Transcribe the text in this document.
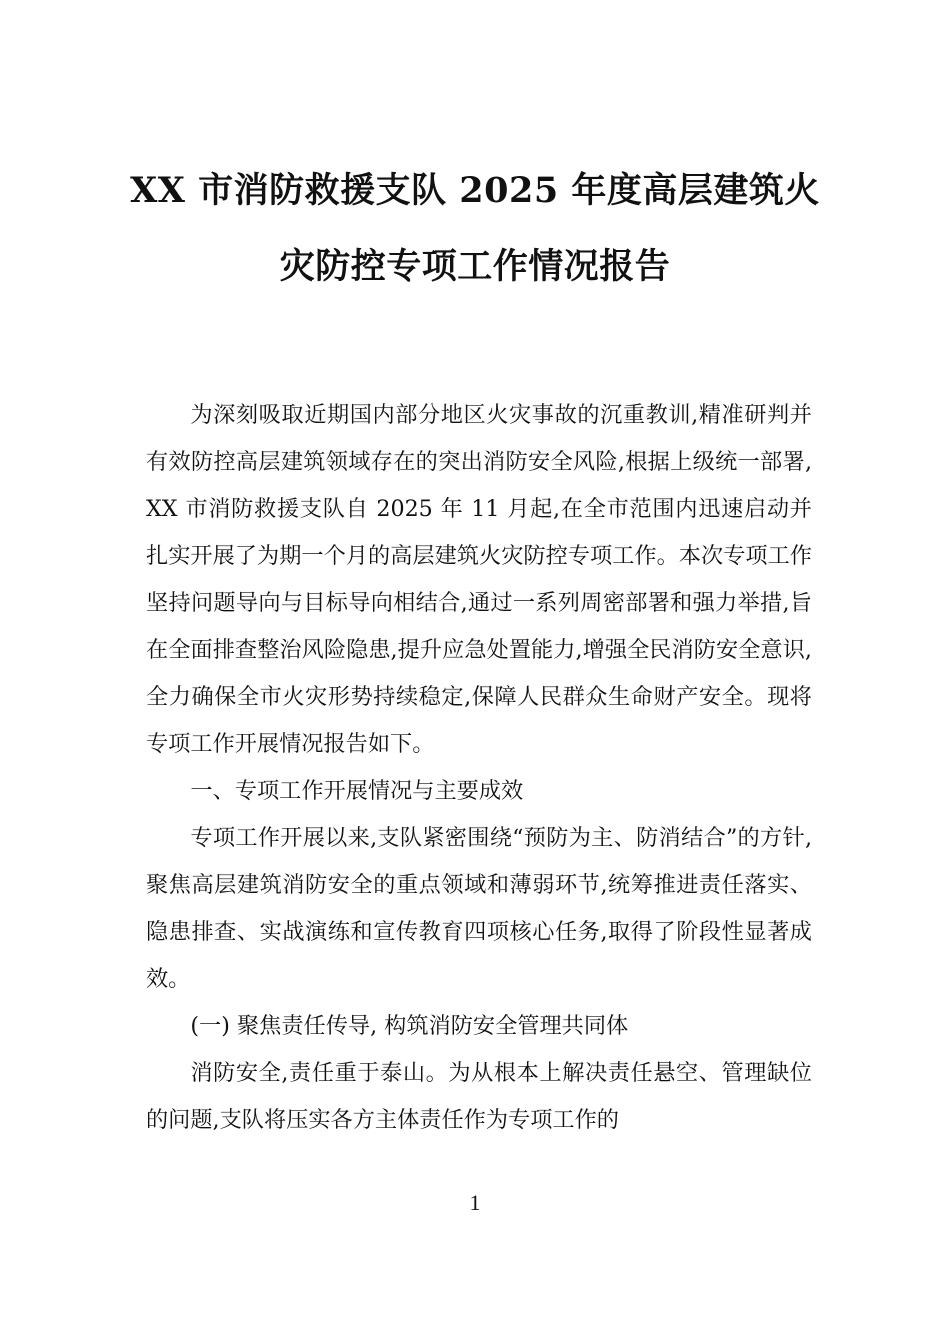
XX 市消防救援支队 2025 年度高层建筑火
灾防控专项工作情况报告

为深刻吸取近期国内部分地区火灾事故的沉重教训,精准研判并有效防控高层建筑领域存在的突出消防安全风险,根据上级统一部署,XX 市消防救援支队自 2025 年 11 月起,在全市范围内迅速启动并扎实开展了为期一个月的高层建筑火灾防控专项工作。本次专项工作坚持问题导向与目标导向相结合,通过一系列周密部署和强力举措,旨在全面排查整治风险隐患,提升应急处置能力,增强全民消防安全意识,全力确保全市火灾形势持续稳定,保障人民群众生命财产安全。现将专项工作开展情况报告如下。

一、专项工作开展情况与主要成效

专项工作开展以来,支队紧密围绕“预防为主、防消结合”的方针,聚焦高层建筑消防安全的重点领域和薄弱环节,统筹推进责任落实、隐患排查、实战演练和宣传教育四项核心任务,取得了阶段性显著成效。

(一) 聚焦责任传导, 构筑消防安全管理共同体

消防安全,责任重于泰山。为从根本上解决责任悬空、管理缺位的问题,支队将压实各方主体责任作为专项工作的

1
